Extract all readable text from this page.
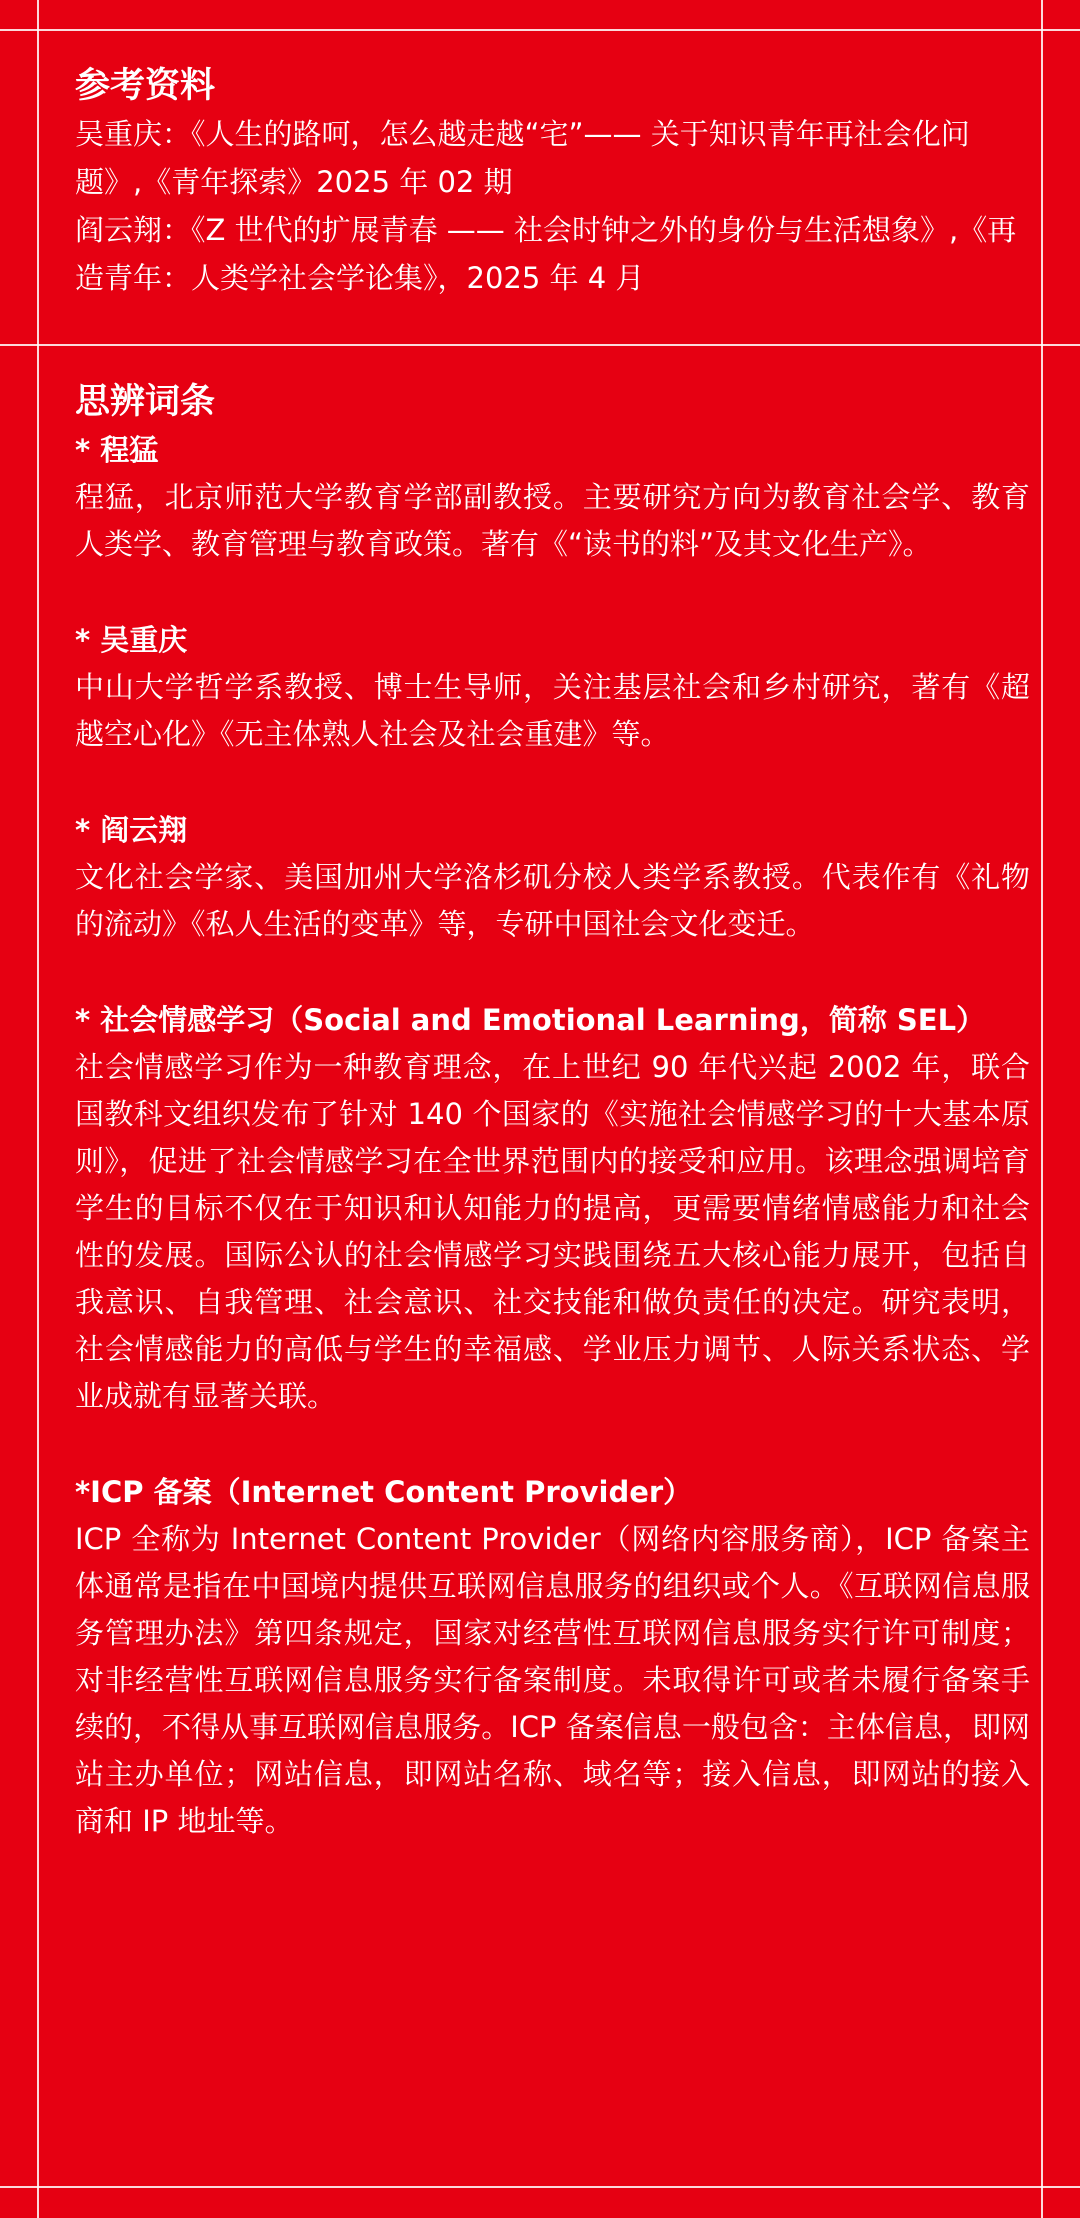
参考资料

吴重庆：《人生的路呵，怎么越走越“宅”—— 关于知识青年再社会化问题》,《青年探索》2025 年 02 期

阎云翔：《Z 世代的扩展青春 —— 社会时钟之外的身份与生活想象》,《再造青年：人类学社会学论集》，2025 年 4 月

思辨词条
* 程猛

程猛，北京师范大学教育学部副教授。主要研究方向为教育社会学、教育人类学、教育管理与教育政策。著有《“读书的料”及其文化生产》。

* 吴重庆

中山大学哲学系教授、博士生导师，关注基层社会和乡村研究，著有《超越空心化》《无主体熟人社会及社会重建》等。

* 阎云翔

文化社会学家、美国加州大学洛杉矶分校人类学系教授。代表作有《礼物的流动》《私人生活的变革》等，专研中国社会文化变迁。

* 社会情感学习（Social and Emotional Learning，简称 SEL）

社会情感学习作为一种教育理念，在上世纪 90 年代兴起 2002 年，联合国教科文组织发布了针对 140 个国家的《实施社会情感学习的十大基本原则》，促进了社会情感学习在全世界范围内的接受和应用。该理念强调培育学生的目标不仅在于知识和认知能力的提高，更需要情绪情感能力和社会性的发展。国际公认的社会情感学习实践围绕五大核心能力展开，包括自我意识、自我管理、社会意识、社交技能和做负责任的决定。研究表明，社会情感能力的高低与学生的幸福感、学业压力调节、人际关系状态、学业成就有显著关联。

*ICP 备案（Internet Content Provider）

ICP 全称为 Internet Content Provider（网络内容服务商），ICP 备案主体通常是指在中国境内提供互联网信息服务的组织或个人。《互联网信息服务管理办法》第四条规定，国家对经营性互联网信息服务实行许可制度；对非经营性互联网信息服务实行备案制度。未取得许可或者未履行备案手续的，不得从事互联网信息服务。ICP 备案信息一般包含：主体信息，即网站主办单位；网站信息，即网站名称、域名等；接入信息，即网站的接入商和 IP 地址等。
